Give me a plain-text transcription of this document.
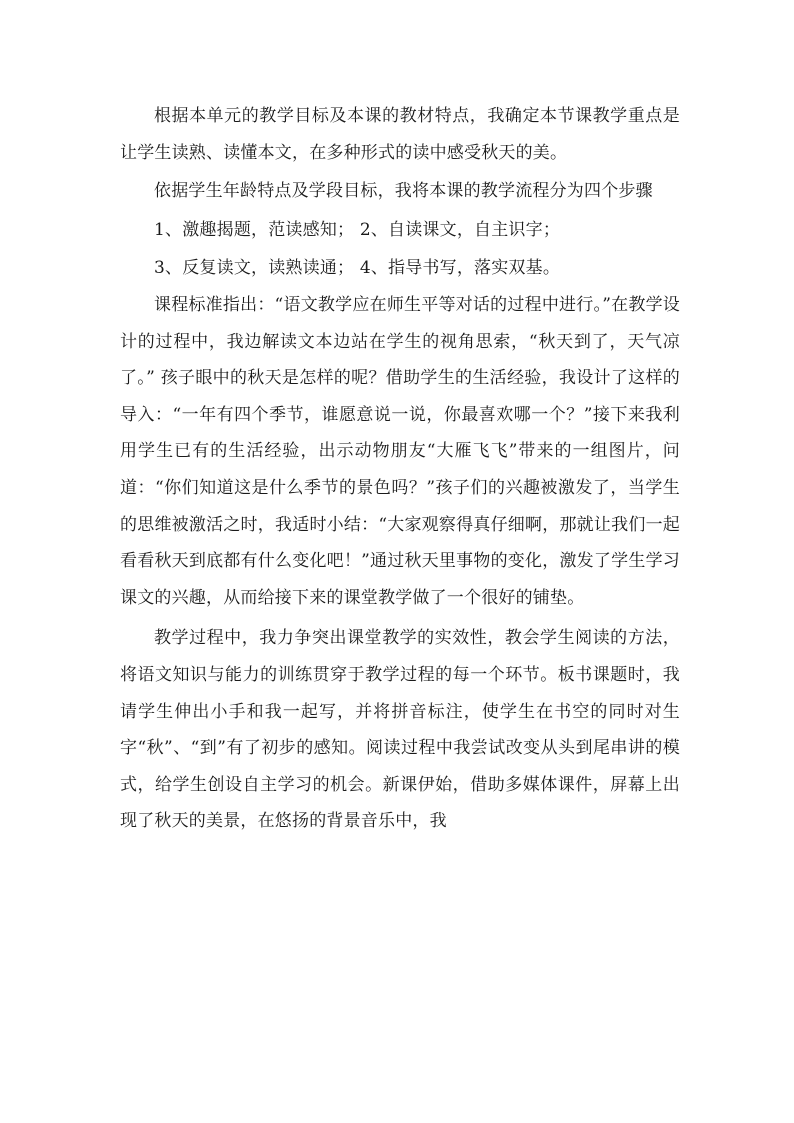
根据本单元的教学目标及本课的教材特点，我确定本节课教学重点是让学生读熟、读懂本文，在多种形式的读中感受秋天的美。

依据学生年龄特点及学段目标，我将本课的教学流程分为四个步骤

1、激趣揭题，范读感知； 2、自读课文，自主识字；

3、反复读文，读熟读通； 4、指导书写，落实双基。

课程标准指出：“语文教学应在师生平等对话的过程中进行。”在教学设计的过程中，我边解读文本边站在学生的视角思索，“秋天到了，天气凉了。” 孩子眼中的秋天是怎样的呢？借助学生的生活经验，我设计了这样的导入：“一年有四个季节，谁愿意说一说，你最喜欢哪一个？”接下来我利用学生已有的生活经验，出示动物朋友“大雁飞飞”带来的一组图片，问道：“你们知道这是什么季节的景色吗？”孩子们的兴趣被激发了，当学生的思维被激活之时，我适时小结：“大家观察得真仔细啊，那就让我们一起看看秋天到底都有什么变化吧！”通过秋天里事物的变化，激发了学生学习课文的兴趣，从而给接下来的课堂教学做了一个很好的铺垫。

教学过程中，我力争突出课堂教学的实效性，教会学生阅读的方法，将语文知识与能力的训练贯穿于教学过程的每一个环节。板书课题时，我请学生伸出小手和我一起写，并将拼音标注，使学生在书空的同时对生字“秋”、“到”有了初步的感知。阅读过程中我尝试改变从头到尾串讲的模式，给学生创设自主学习的机会。新课伊始，借助多媒体课件，屏幕上出现了秋天的美景，在悠扬的背景音乐中，我
